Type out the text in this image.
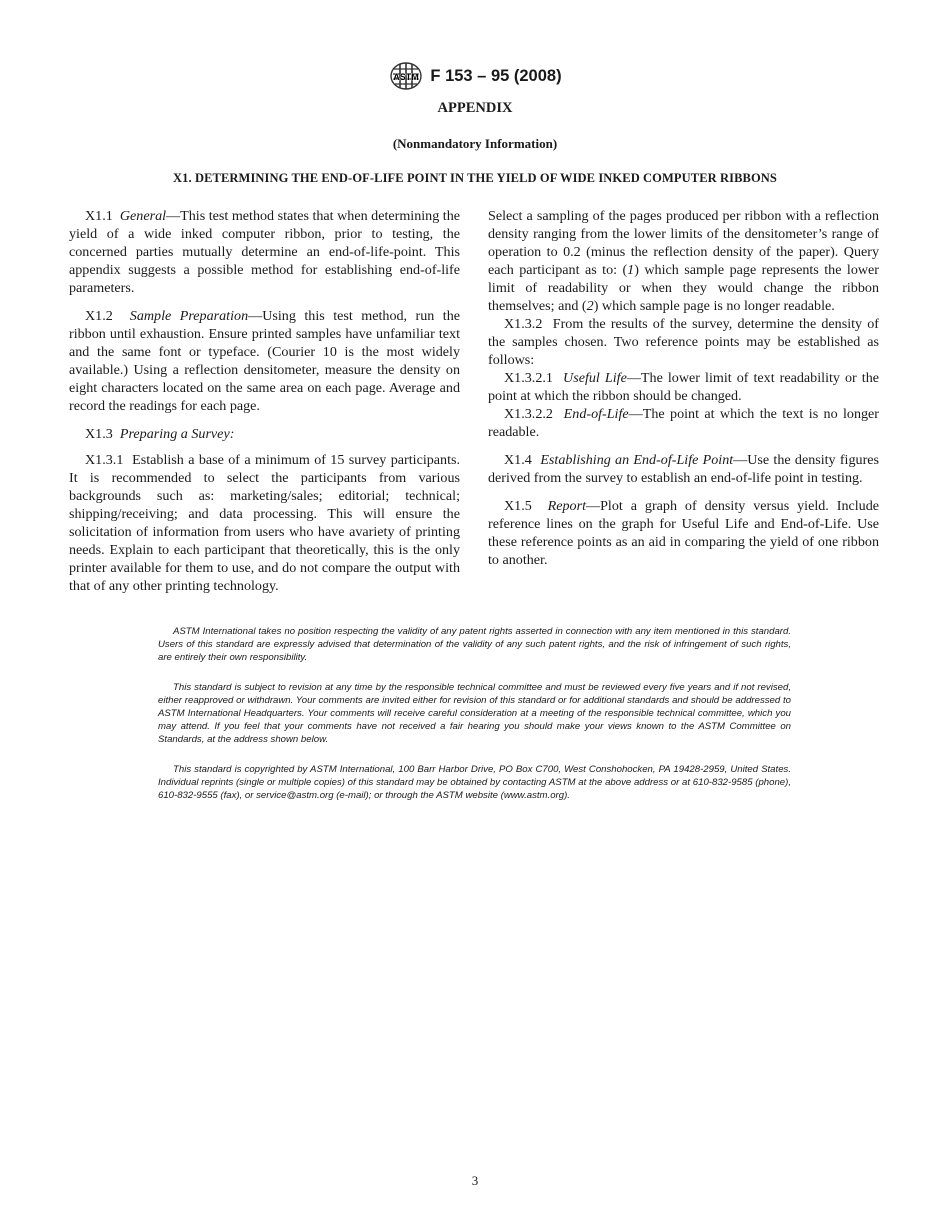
ASTM F 153 – 95 (2008)
APPENDIX
(Nonmandatory Information)
X1. DETERMINING THE END-OF-LIFE POINT IN THE YIELD OF WIDE INKED COMPUTER RIBBONS

X1.1 General—This test method states that when determining the yield of a wide inked computer ribbon, prior to testing, the concerned parties mutually determine an end-of-life-point. This appendix suggests a possible method for establishing end-of-life parameters.

X1.2 Sample Preparation—Using this test method, run the ribbon until exhaustion. Ensure printed samples have unfamiliar text and the same font or typeface. (Courier 10 is the most widely available.) Using a reflection densitometer, measure the density on eight characters located on the same area on each page. Average and record the readings for each page.

X1.3 Preparing a Survey:

X1.3.1 Establish a base of a minimum of 15 survey participants. It is recommended to select the participants from various backgrounds such as: marketing/sales; editorial; technical; shipping/receiving; and data processing. This will ensure the solicitation of information from users who have avariety of printing needs. Explain to each participant that theoretically, this is the only printer available for them to use, and do not compare the output with that of any other printing technology.

Select a sampling of the pages produced per ribbon with a reflection density ranging from the lower limits of the densitometer’s range of operation to 0.2 (minus the reflection density of the paper). Query each participant as to: (1) which sample page represents the lower limit of readability or when they would change the ribbon themselves; and (2) which sample page is no longer readable.

X1.3.2 From the results of the survey, determine the density of the samples chosen. Two reference points may be established as follows:

X1.3.2.1 Useful Life—The lower limit of text readability or the point at which the ribbon should be changed.

X1.3.2.2 End-of-Life—The point at which the text is no longer readable.

X1.4 Establishing an End-of-Life Point—Use the density figures derived from the survey to establish an end-of-life point in testing.

X1.5 Report—Plot a graph of density versus yield. Include reference lines on the graph for Useful Life and End-of-Life. Use these reference points as an aid in comparing the yield of one ribbon to another.

ASTM International takes no position respecting the validity of any patent rights asserted in connection with any item mentioned in this standard. Users of this standard are expressly advised that determination of the validity of any such patent rights, and the risk of infringement of such rights, are entirely their own responsibility.

This standard is subject to revision at any time by the responsible technical committee and must be reviewed every five years and if not revised, either reapproved or withdrawn. Your comments are invited either for revision of this standard or for additional standards and should be addressed to ASTM International Headquarters. Your comments will receive careful consideration at a meeting of the responsible technical committee, which you may attend. If you feel that your comments have not received a fair hearing you should make your views known to the ASTM Committee on Standards, at the address shown below.

This standard is copyrighted by ASTM International, 100 Barr Harbor Drive, PO Box C700, West Conshohocken, PA 19428-2959, United States. Individual reprints (single or multiple copies) of this standard may be obtained by contacting ASTM at the above address or at 610-832-9585 (phone), 610-832-9555 (fax), or service@astm.org (e-mail); or through the ASTM website (www.astm.org).

3
